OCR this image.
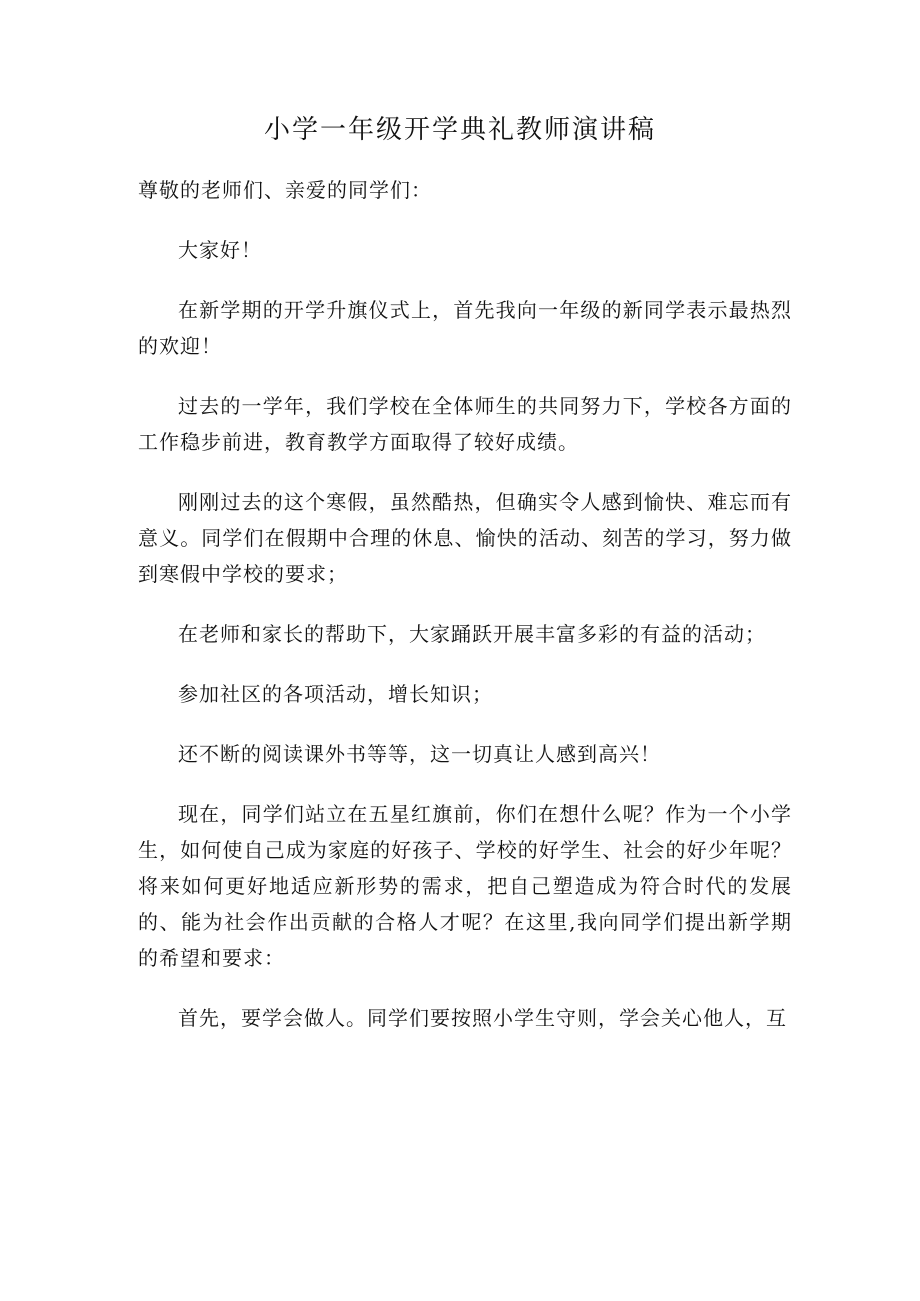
小学一年级开学典礼教师演讲稿

尊敬的老师们、亲爱的同学们：

大家好！

在新学期的开学升旗仪式上，首先我向一年级的新同学表示最热烈的欢迎！

过去的一学年，我们学校在全体师生的共同努力下，学校各方面的工作稳步前进，教育教学方面取得了较好成绩。

刚刚过去的这个寒假，虽然酷热，但确实令人感到愉快、难忘而有意义。同学们在假期中合理的休息、愉快的活动、刻苦的学习，努力做到寒假中学校的要求；

在老师和家长的帮助下，大家踊跃开展丰富多彩的有益的活动；

参加社区的各项活动，增长知识；

还不断的阅读课外书等等，这一切真让人感到高兴！

现在，同学们站立在五星红旗前，你们在想什么呢？作为一个小学生，如何使自己成为家庭的好孩子、学校的好学生、社会的好少年呢？将来如何更好地适应新形势的需求，把自己塑造成为符合时代的发展的、能为社会作出贡献的合格人才呢？在这里,我向同学们提出新学期的希望和要求：

首先，要学会做人。同学们要按照小学生守则，学会关心他人，互
